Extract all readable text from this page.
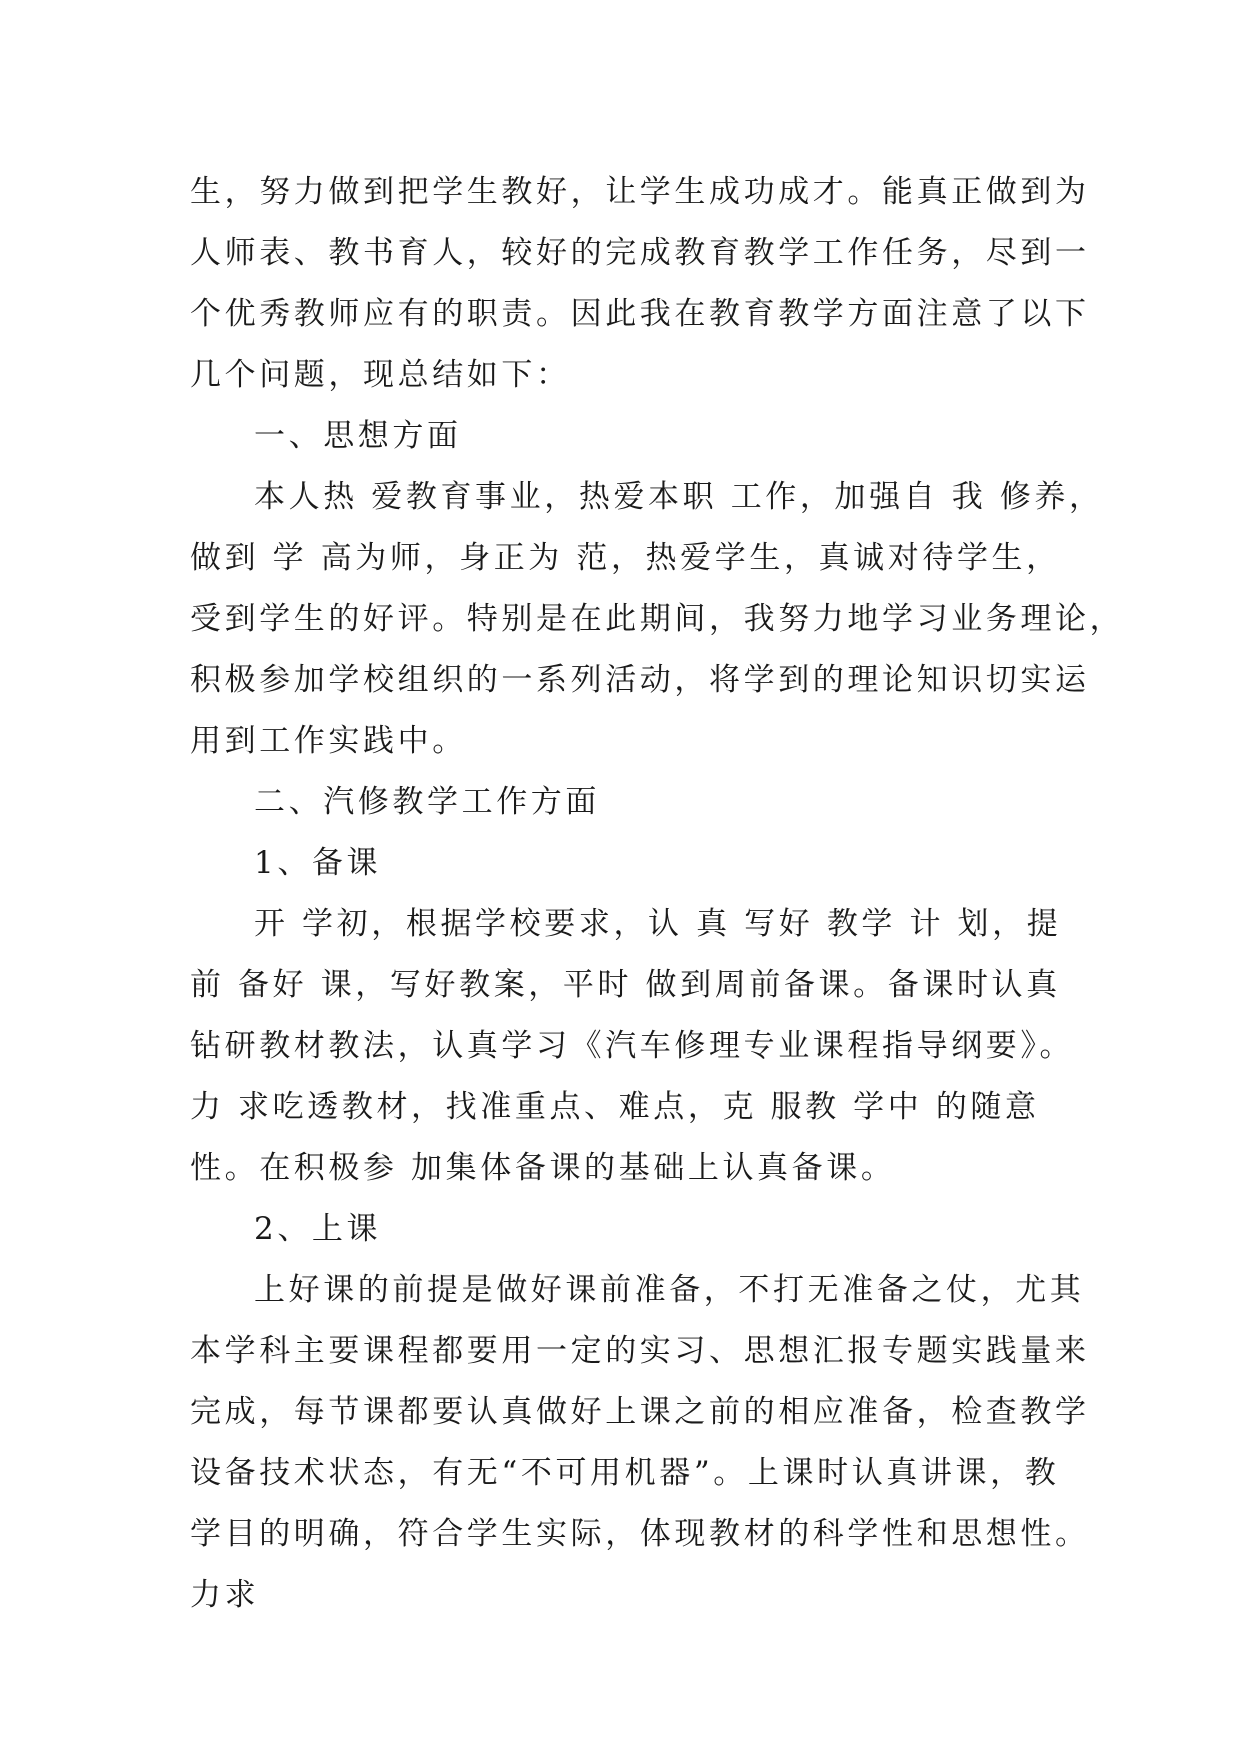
生，努力做到把学生教好，让学生成功成才。能真正做到为
人师表、教书育人，较好的完成教育教学工作任务，尽到一
个优秀教师应有的职责。因此我在教育教学方面注意了以下
几个问题，现总结如下：
一、思想方面
本人热 爱教育事业，热爱本职 工作，加强自 我 修养，
做到 学 高为师，身正为 范，热爱学生，真诚对待学生，
受到学生的好评。特别是在此期间，我努力地学习业务理论，
积极参加学校组织的一系列活动，将学到的理论知识切实运
用到工作实践中。
二、汽修教学工作方面
1、备课
开 学初，根据学校要求，认 真 写好 教学 计 划，提
前 备好 课，写好教案，平时 做到周前备课。备课时认真
钻研教材教法，认真学习《汽车修理专业课程指导纲要》。
力 求吃透教材，找准重点、难点，克 服教 学中 的随意
性。在积极参 加集体备课的基础上认真备课。
2、上课
上好课的前提是做好课前准备，不打无准备之仗，尤其
本学科主要课程都要用一定的实习、思想汇报专题实践量来
完成，每节课都要认真做好上课之前的相应准备，检查教学
设备技术状态，有无“不可用机器”。上课时认真讲课，教
学目的明确，符合学生实际，体现教材的科学性和思想性。
力求
